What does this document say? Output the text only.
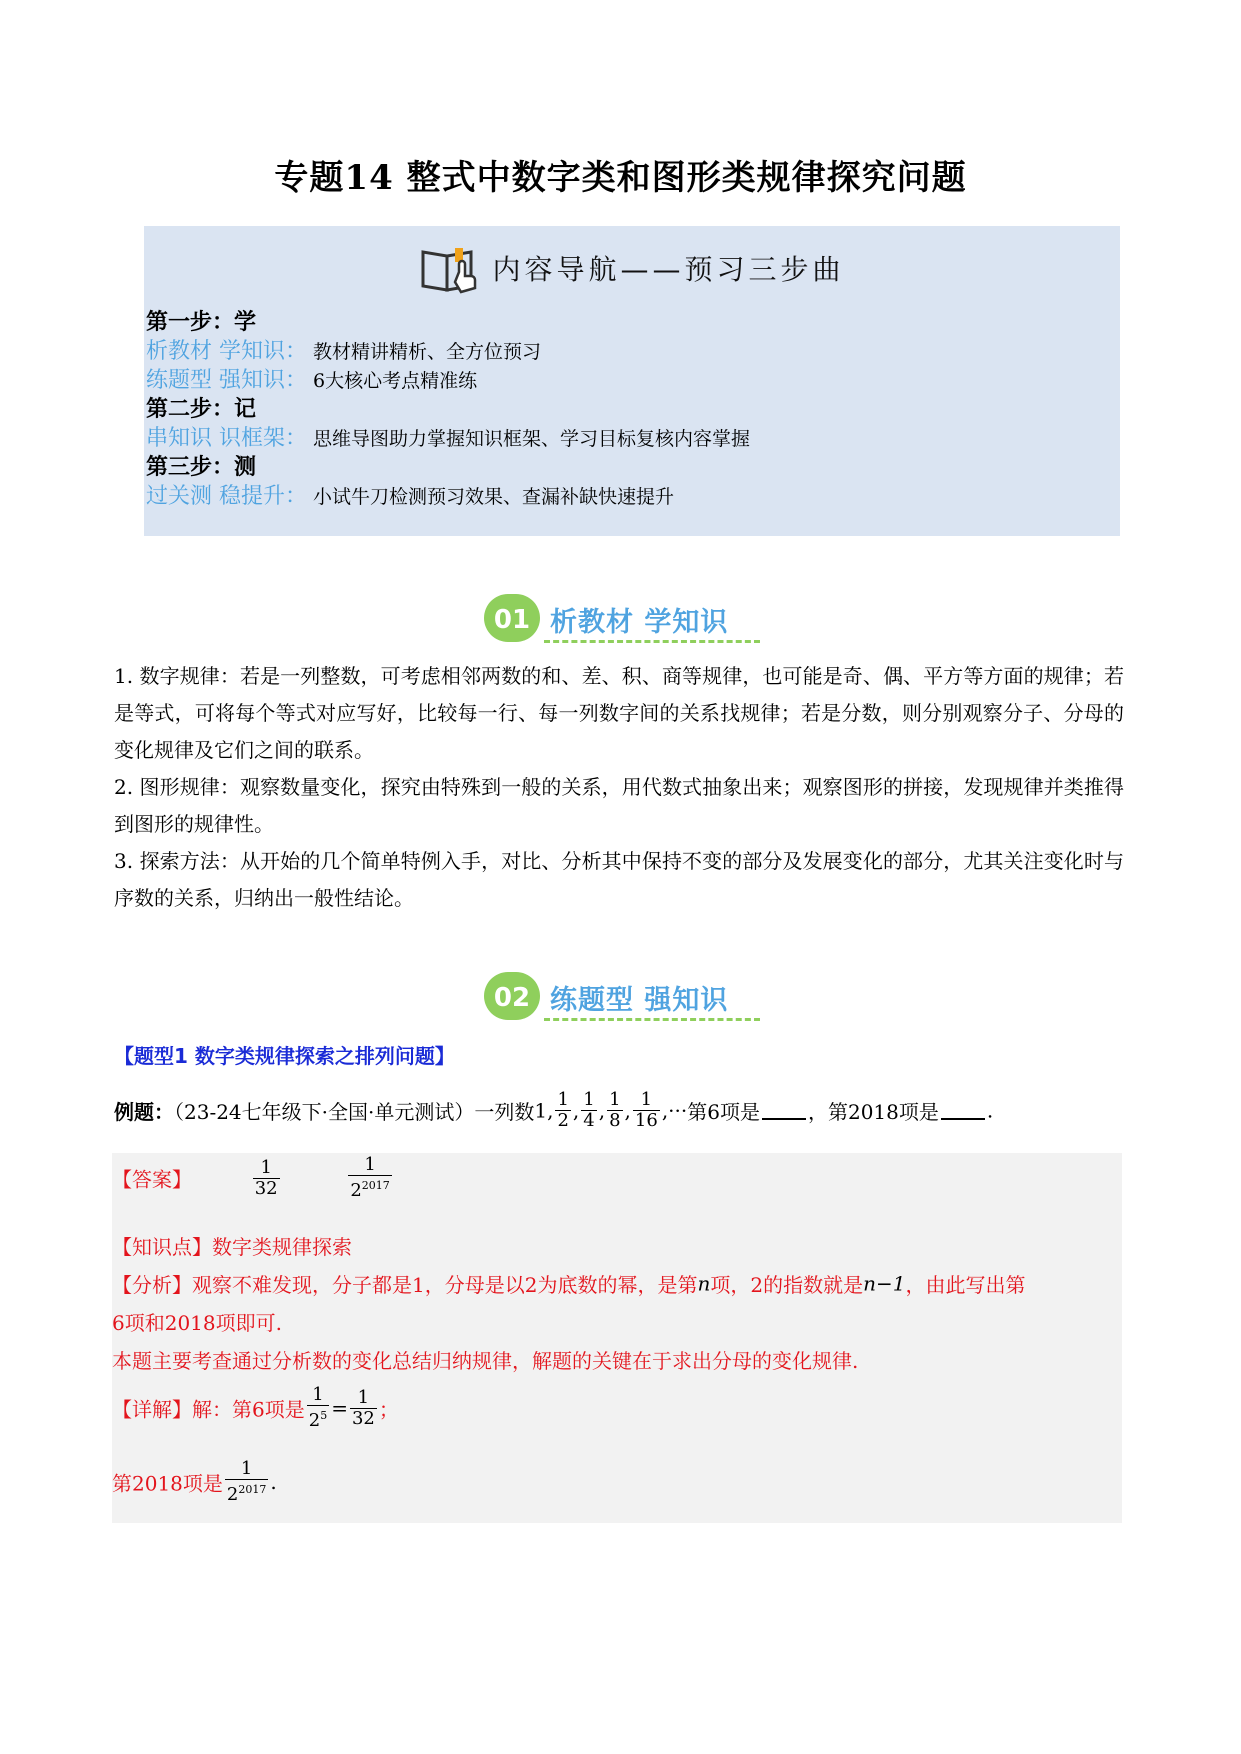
专题14 整式中数字类和图形类规律探究问题
内容导航——预习三步曲
第一步：学
析教材 学知识： 教材精讲精析、全方位预习
练题型 强知识： 6大核心考点精准练
第二步：记
串知识 识框架： 思维导图助力掌握知识框架、学习目标复核内容掌握
第三步：测
过关测 稳提升： 小试牛刀检测预习效果、查漏补缺快速提升
01 析教材 学知识

1. 数字规律：若是一列整数，可考虑相邻两数的和、差、积、商等规律，也可能是奇、偶、平方等方面的规律；若是等式，可将每个等式对应写好，比较每一行、每一列数字间的关系找规律；若是分数，则分别观察分子、分母的变化规律及它们之间的联系。

2. 图形规律：观察数量变化，探究由特殊到一般的关系，用代数式抽象出来；观察图形的拼接，发现规律并类推得到图形的规律性。

3. 探索方法：从开始的几个简单特例入手，对比、分析其中保持不变的部分及发展变化的部分，尤其关注变化时与序数的关系，归纳出一般性结论。

02 练题型 强知识
【题型1 数字类规律探索之排列问题】
例题：（23-24七年级下·全国·单元测试）一列数1, $\frac{1}{2}$ , $\frac{1}{4}$ , $\frac{1}{8}$ , $\frac{1}{16}$ ,···第6项是 ，第2018项是 .
【答案】	$\frac{1}{32}$
	$\frac{1}{2^{2017}}$
【知识点】数字类规律探索
【分析】观察不难发现，分子都是1，分母是以2为底数的幂，是第n项，2的指数就是n−1，由此写出第
6项和2018项即可.
本题主要考查通过分析数的变化总结归纳规律，解题的关键在于求出分母的变化规律.
【详解】解：第6项是 $\frac{1}{2^5} = \frac{1}{32}$ ；
第2018项是 $\frac{1}{2^{2017}}$ .
